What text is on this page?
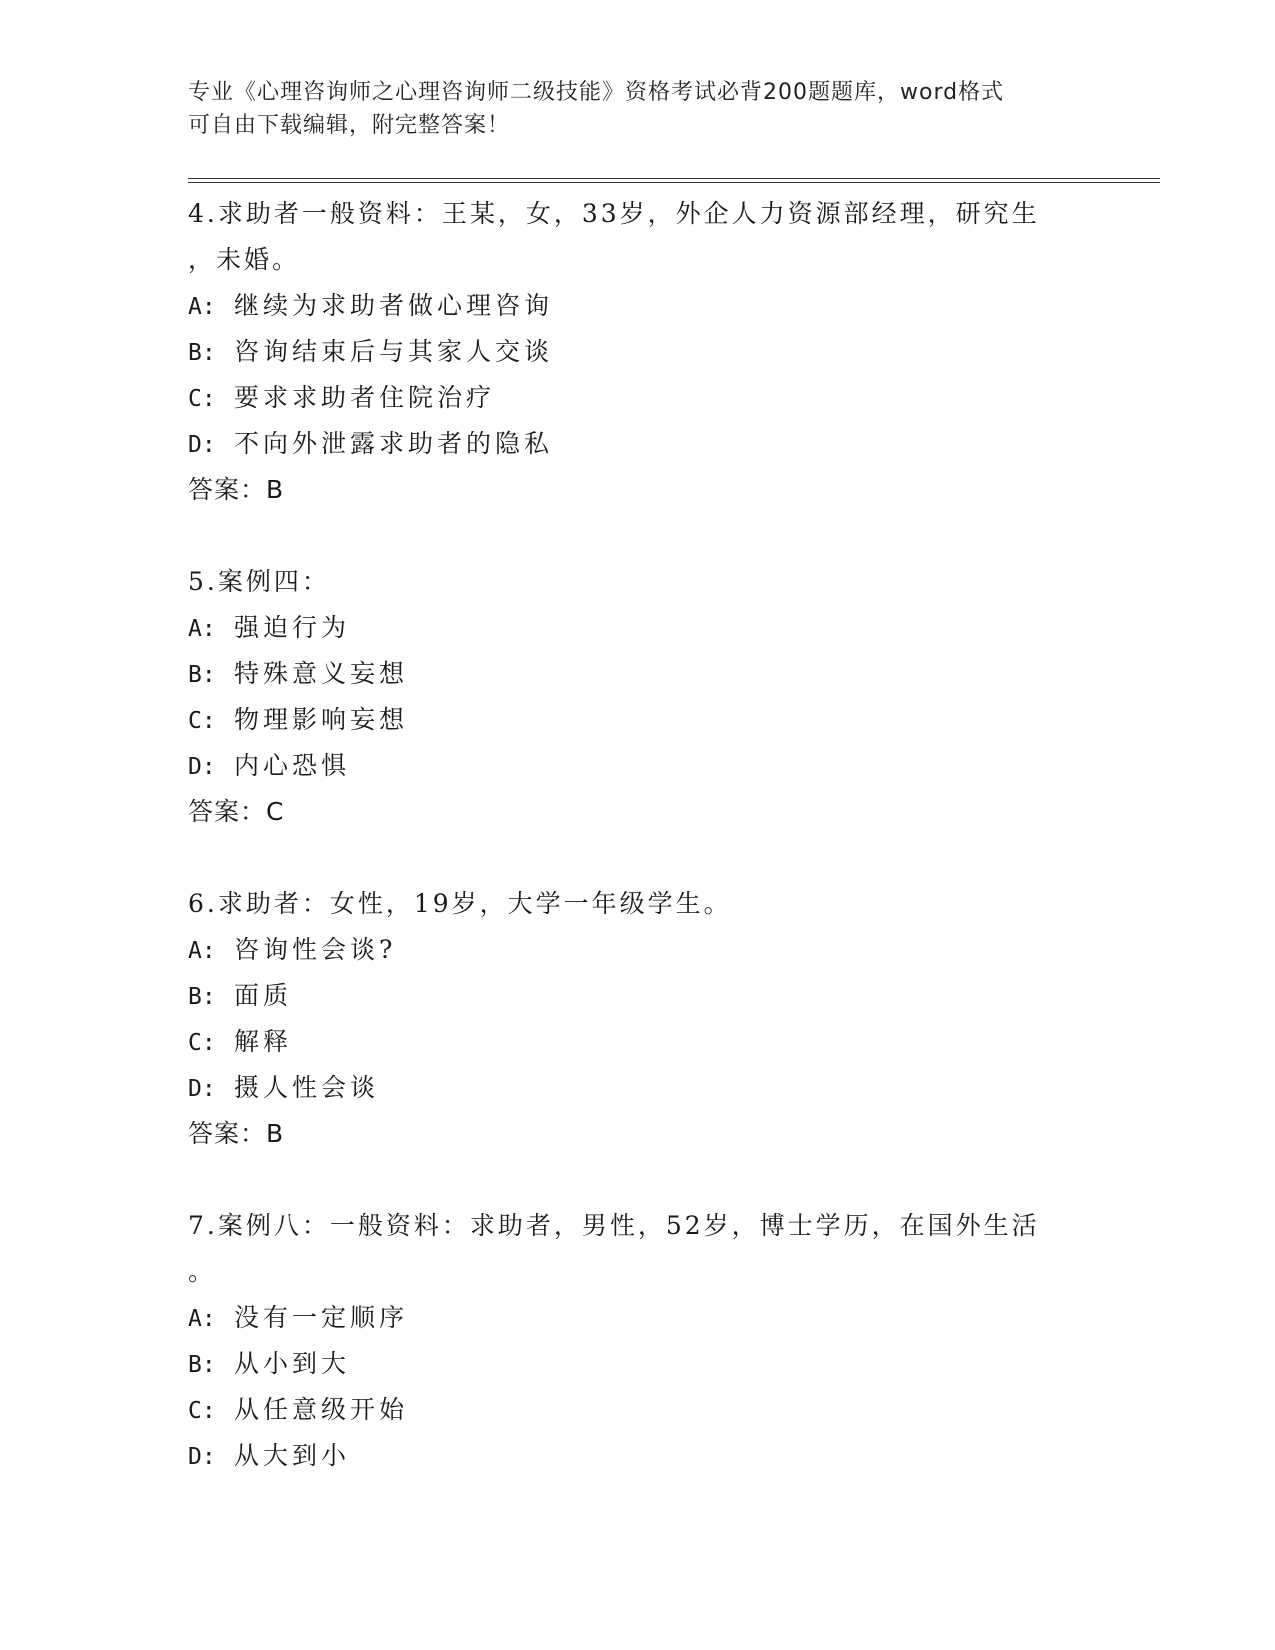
专业《心理咨询师之心理咨询师二级技能》资格考试必背200题题库，word格式
可自由下载编辑，附完整答案！
4.求助者一般资料：王某，女，33岁，外企人力资源部经理，研究生
，未婚。
A: 继续为求助者做心理咨询
B: 咨询结束后与其家人交谈
C: 要求求助者住院治疗
D: 不向外泄露求助者的隐私
答案：B
5.案例四：
A: 强迫行为
B: 特殊意义妄想
C: 物理影响妄想
D: 内心恐惧
答案：C
6.求助者：女性，19岁，大学一年级学生。
A: 咨询性会谈?
B: 面质
C: 解释
D: 摄人性会谈
答案：B
7.案例八：一般资料：求助者，男性，52岁，博士学历，在国外生活
。
A: 没有一定顺序
B: 从小到大
C: 从任意级开始
D: 从大到小
